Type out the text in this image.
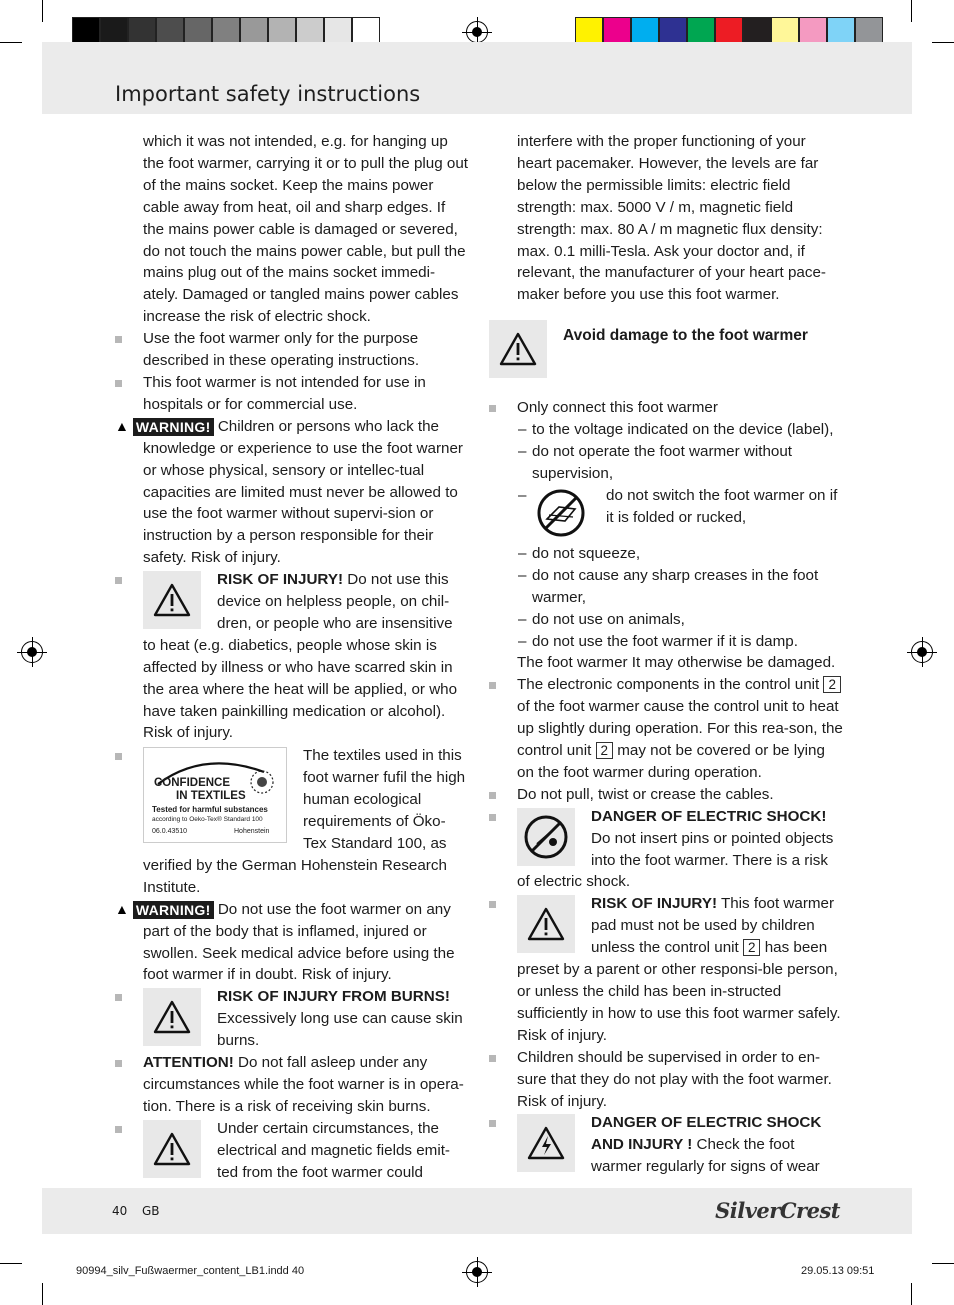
Important safety instructions

which it was not intended, e.g. for hanging up the foot warmer, carrying it or to pull the plug out of the mains socket. Keep the mains power cable away from heat, oil and sharp edges. If the mains power cable is damaged or severed, do not touch the mains power cable, but pull the mains plug out of the mains socket immedi-ately. Damaged or tangled mains power cables increase the risk of electric shock.

Use the foot warmer only for the purpose described in these operating instructions.

This foot warmer is not intended for use in hospitals or for commercial use.

▲ WARNING! Children or persons who lack the knowledge or experience to use the foot warner or whose physical, sensory or intellec-tual capacities are limited must never be allowed to use the foot warmer without supervi-sion or instruction by a person responsible for their safety. Risk of injury.

RISK OF INJURY! Do not use this device on helpless people, on chil-dren, or people who are insensitive to heat (e.g. diabetics, people whose skin is affected by illness or who have scarred skin in the area where the heat will be applied, or who have taken painkilling medication or alcohol). Risk of injury.
CONFIDENCE
IN TEXTILES
Tested for harmful substances
according to Oeko-Tex® Standard 100
06.0.43510	Hohenstein
The textiles used in this foot warner fufil the high human ecological requirements of Öko-Tex Standard 100, as verified by the German Hohenstein Research Institute.

▲ WARNING! Do not use the foot warmer on any part of the body that is inflamed, injured or swollen. Seek medical advice before using the foot warmer if in doubt. Risk of injury.

RISK OF INJURY FROM BURNS! Excessively long use can cause skin burns.

ATTENTION! Do not fall asleep under any circumstances while the foot warner is in opera-tion. There is a risk of receiving skin burns.

Under certain circumstances, the electrical and magnetic fields emit-ted from the foot warmer could

interfere with the proper functioning of your heart pacemaker. However, the levels are far below the permissible limits: electric field strength: max. 5000 V / m, magnetic field strength: max. 80 A / m magnetic flux density: max. 0.1 milli-Tesla. Ask your doctor and, if relevant, the manufacturer of your heart pace-maker before you use this foot warmer.

Avoid damage to the foot warmer

Only connect this foot warmer

– to the voltage indicated on the device (label),

– do not operate the foot warmer without supervision,

– do not switch the foot warmer on if it is folded or rucked,

– do not squeeze,

– do not cause any sharp creases in the foot warmer,

– do not use on animals,

– do not use the foot warmer if it is damp.

The foot warmer It may otherwise be damaged.

The electronic components in the control unit 2 of the foot warmer cause the control unit to heat up slightly during operation. For this rea-son, the control unit 2 may not be covered or be lying on the foot warmer during operation.

Do not pull, twist or crease the cables.

DANGER OF ELECTRIC SHOCK! Do not insert pins or pointed objects into the foot warmer. There is a risk of electric shock.
RISK OF INJURY! This foot warmer pad must not be used by children unless the control unit 2 has been preset by a parent or other responsi-ble person, or unless the child has been in-structed sufficiently in how to use this foot warmer safely. Risk of injury.

Children should be supervised in order to en-sure that they do not play with the foot warmer. Risk of injury.

DANGER OF ELECTRIC SHOCK AND INJURY ! Check the foot warmer regularly for signs of wear
40 GB	SilverCrest
90994_silv_Fußwaermer_content_LB1.indd 40	29.05.13 09:51
